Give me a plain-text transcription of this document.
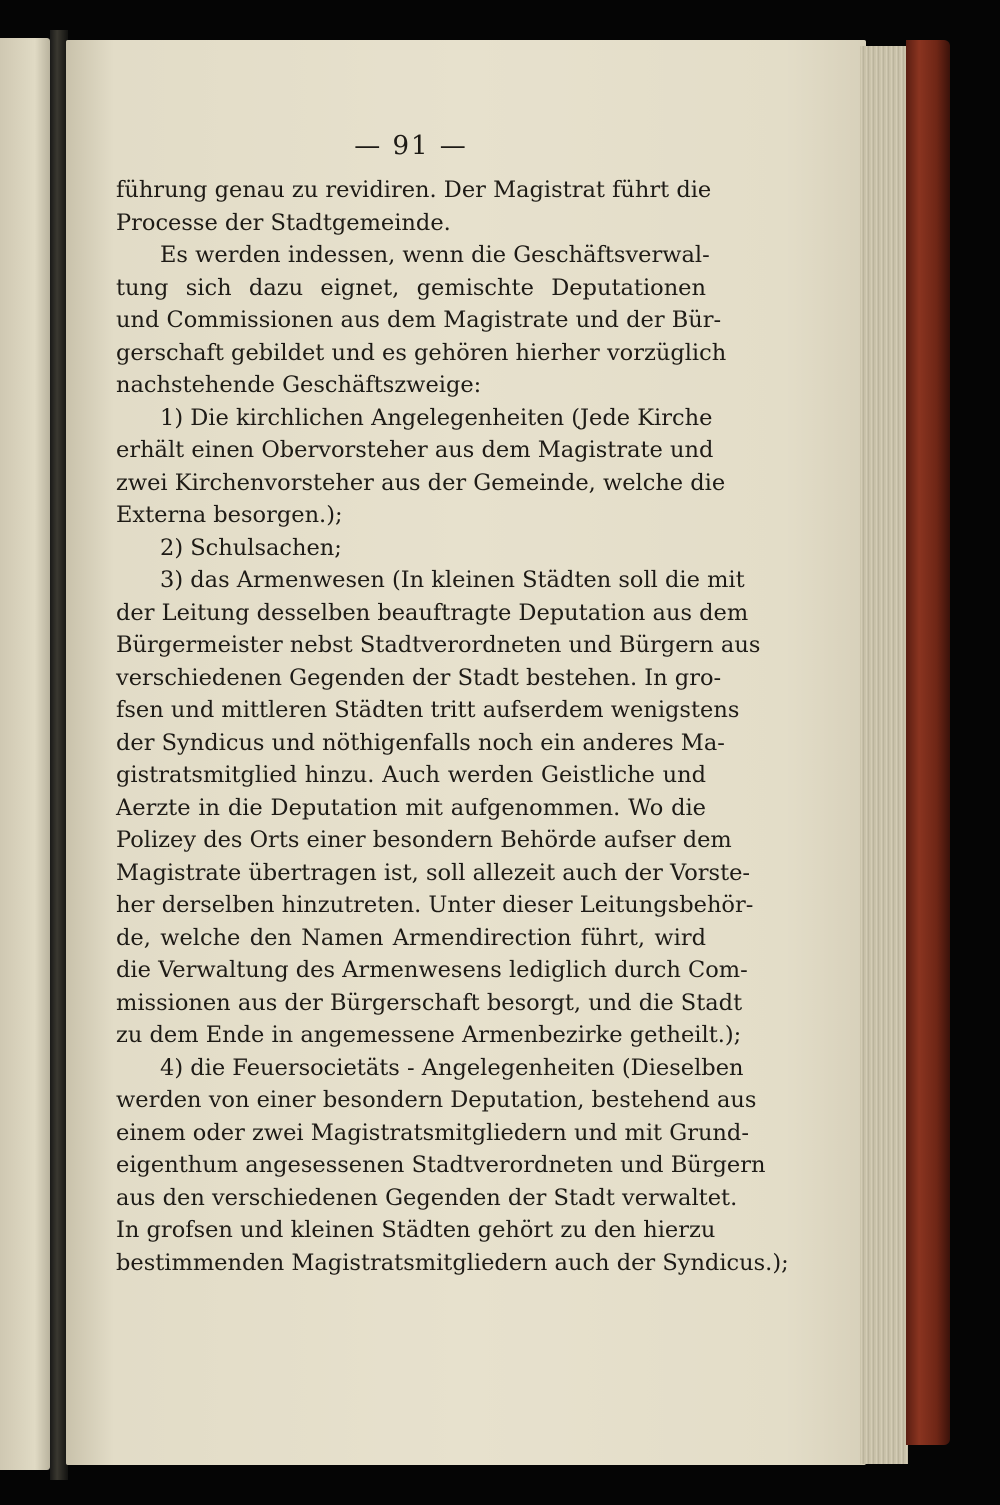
— 91 —
führung genau zu revidiren. Der Magistrat führt die
Processe der Stadtgemeinde.
Es werden indessen, wenn die Geschäftsverwal-
tung sich dazu eignet, gemischte Deputationen
und Commissionen aus dem Magistrate und der Bür-
gerschaft gebildet und es gehören hierher vorzüglich
nachstehende Geschäftszweige:
1) Die kirchlichen Angelegenheiten (Jede Kirche
erhält einen Obervorsteher aus dem Magistrate und
zwei Kirchenvorsteher aus der Gemeinde, welche die
Externa besorgen.);
2) Schulsachen;
3) das Armenwesen (In kleinen Städten soll die mit
der Leitung desselben beauftragte Deputation aus dem
Bürgermeister nebst Stadtverordneten und Bürgern aus
verschiedenen Gegenden der Stadt bestehen. In gro-
fsen und mittleren Städten tritt aufserdem wenigstens
der Syndicus und nöthigenfalls noch ein anderes Ma-
gistratsmitglied hinzu. Auch werden Geistliche und
Aerzte in die Deputation mit aufgenommen. Wo die
Polizey des Orts einer besondern Behörde aufser dem
Magistrate übertragen ist, soll allezeit auch der Vorste-
her derselben hinzutreten. Unter dieser Leitungsbehör-
de, welche den Namen Armendirection führt, wird
die Verwaltung des Armenwesens lediglich durch Com-
missionen aus der Bürgerschaft besorgt, und die Stadt
zu dem Ende in angemessene Armenbezirke getheilt.);
4) die Feuersocietäts - Angelegenheiten (Dieselben
werden von einer besondern Deputation, bestehend aus
einem oder zwei Magistratsmitgliedern und mit Grund-
eigenthum angesessenen Stadtverordneten und Bürgern
aus den verschiedenen Gegenden der Stadt verwaltet.
In grofsen und kleinen Städten gehört zu den hierzu
bestimmenden Magistratsmitgliedern auch der Syndicus.);
